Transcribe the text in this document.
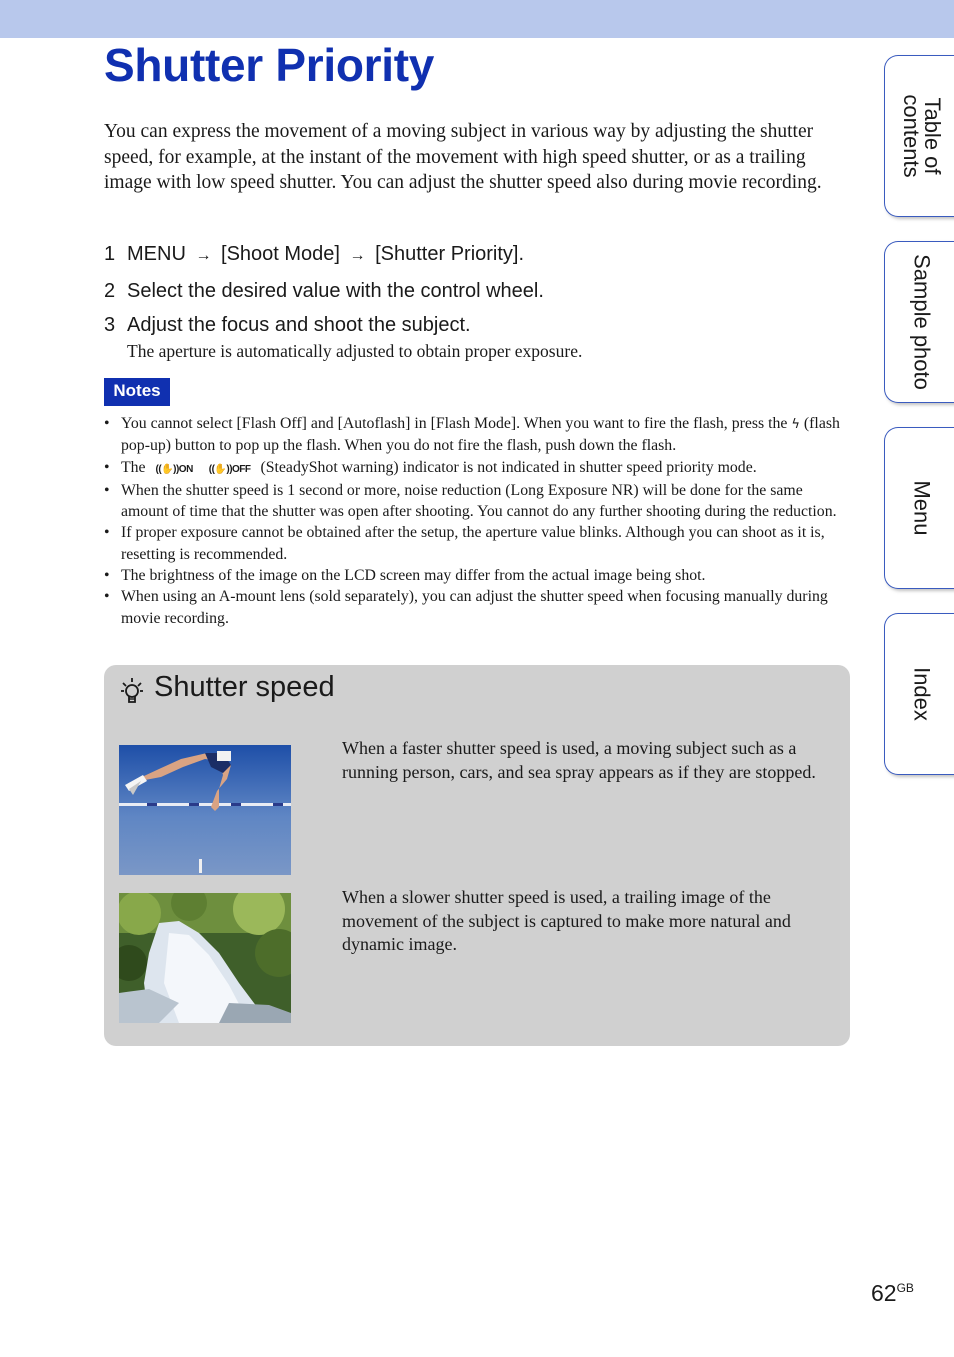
Shutter Priority

You can express the movement of a moving subject in various way by adjusting the shutter speed, for example, at the instant of the movement with high speed shutter, or as a trailing image with low speed shutter. You can adjust the shutter speed also during movie recording.

1 MENU → [Shoot Mode] → [Shutter Priority].
2 Select the desired value with the control wheel.
3 Adjust the focus and shoot the subject.
The aperture is automatically adjusted to obtain proper exposure.
Notes
• You cannot select [Flash Off] and [Autoflash] in [Flash Mode]. When you want to fire the flash, press the ϟ (flash pop-up) button to pop up the flash. When you do not fire the flash, push down the flash.
• The ((✋))ON ((✋))OFF (SteadyShot warning) indicator is not indicated in shutter speed priority mode.
• When the shutter speed is 1 second or more, noise reduction (Long Exposure NR) will be done for the same amount of time that the shutter was open after shooting. You cannot do any further shooting during the reduction.
• If proper exposure cannot be obtained after the setup, the aperture value blinks. Although you can shoot as it is, resetting is recommended.
• The brightness of the image on the LCD screen may differ from the actual image being shot.
• When using an A-mount lens (sold separately), you can adjust the shutter speed when focusing manually during movie recording.
Shutter speed

When a faster shutter speed is used, a moving subject such as a running person, cars, and sea spray appears as if they are stopped.

When a slower shutter speed is used, a trailing image of the movement of the subject is captured to make more natural and dynamic image.

Table of
contents
Sample photo
Menu
Index
$62^{GB}$
